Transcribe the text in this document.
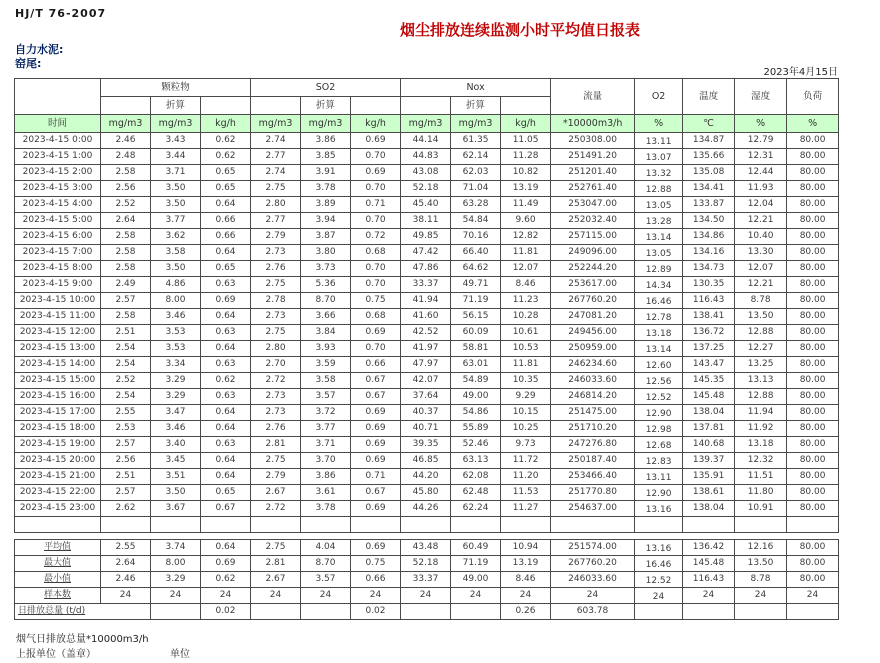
HJ/T 76-2007
烟尘排放连续监测小时平均值日报表
自力水泥:
窑尾:
2023年4月15日
	颗粒物			SO2			Nox			流量	O2	温度	湿度	负荷
		折算			折算			折算						
时间	mg/m3	mg/m3	kg/h	mg/m3	mg/m3	kg/h	mg/m3	mg/m3	kg/h	*10000m3/h	%	℃	%	%
2023-4-15 0:00	2.46	3.43	0.62	2.74	3.86	0.69	44.14	61.35	11.05	250308.00	13.11	134.87	12.79	80.00
2023-4-15 1:00	2.48	3.44	0.62	2.77	3.85	0.70	44.83	62.14	11.28	251491.20	13.07	135.66	12.31	80.00
2023-4-15 2:00	2.58	3.71	0.65	2.74	3.91	0.69	43.08	62.03	10.82	251201.40	13.32	135.08	12.44	80.00
2023-4-15 3:00	2.56	3.50	0.65	2.75	3.78	0.70	52.18	71.04	13.19	252761.40	12.88	134.41	11.93	80.00
2023-4-15 4:00	2.52	3.50	0.64	2.80	3.89	0.71	45.40	63.28	11.49	253047.00	13.05	133.87	12.04	80.00
2023-4-15 5:00	2.64	3.77	0.66	2.77	3.94	0.70	38.11	54.84	9.60	252032.40	13.28	134.50	12.21	80.00
2023-4-15 6:00	2.58	3.62	0.66	2.79	3.87	0.72	49.85	70.16	12.82	257115.00	13.14	134.86	10.40	80.00
2023-4-15 7:00	2.58	3.58	0.64	2.73	3.80	0.68	47.42	66.40	11.81	249096.00	13.05	134.16	13.30	80.00
2023-4-15 8:00	2.58	3.50	0.65	2.76	3.73	0.70	47.86	64.62	12.07	252244.20	12.89	134.73	12.07	80.00
2023-4-15 9:00	2.49	4.86	0.63	2.75	5.36	0.70	33.37	49.71	8.46	253617.00	14.34	130.35	12.21	80.00
2023-4-15 10:00	2.57	8.00	0.69	2.78	8.70	0.75	41.94	71.19	11.23	267760.20	16.46	116.43	8.78	80.00
2023-4-15 11:00	2.58	3.46	0.64	2.73	3.66	0.68	41.60	56.15	10.28	247081.20	12.78	138.41	13.50	80.00
2023-4-15 12:00	2.51	3.53	0.63	2.75	3.84	0.69	42.52	60.09	10.61	249456.00	13.18	136.72	12.88	80.00
2023-4-15 13:00	2.54	3.53	0.64	2.80	3.93	0.70	41.97	58.81	10.53	250959.00	13.14	137.25	12.27	80.00
2023-4-15 14:00	2.54	3.34	0.63	2.70	3.59	0.66	47.97	63.01	11.81	246234.60	12.60	143.47	13.25	80.00
2023-4-15 15:00	2.52	3.29	0.62	2.72	3.58	0.67	42.07	54.89	10.35	246033.60	12.56	145.35	13.13	80.00
2023-4-15 16:00	2.54	3.29	0.63	2.73	3.57	0.67	37.64	49.00	9.29	246814.20	12.52	145.48	12.88	80.00
2023-4-15 17:00	2.55	3.47	0.64	2.73	3.72	0.69	40.37	54.86	10.15	251475.00	12.90	138.04	11.94	80.00
2023-4-15 18:00	2.53	3.46	0.64	2.76	3.77	0.69	40.71	55.89	10.25	251710.20	12.98	137.81	11.92	80.00
2023-4-15 19:00	2.57	3.40	0.63	2.81	3.71	0.69	39.35	52.46	9.73	247276.80	12.68	140.68	13.18	80.00
2023-4-15 20:00	2.56	3.45	0.64	2.75	3.70	0.69	46.85	63.13	11.72	250187.40	12.83	139.37	12.32	80.00
2023-4-15 21:00	2.51	3.51	0.64	2.79	3.86	0.71	44.20	62.08	11.20	253466.40	13.11	135.91	11.51	80.00
2023-4-15 22:00	2.57	3.50	0.65	2.67	3.61	0.67	45.80	62.48	11.53	251770.80	12.90	138.61	11.80	80.00
2023-4-15 23:00	2.62	3.67	0.67	2.72	3.78	0.69	44.26	62.24	11.27	254637.00	13.16	138.04	10.91	80.00

平均值	2.55	3.74	0.64	2.75	4.04	0.69	43.48	60.49	10.94	251574.00	13.16	136.42	12.16	80.00
最大值	2.64	8.00	0.69	2.81	8.70	0.75	52.18	71.19	13.19	267760.20	16.46	145.48	13.50	80.00
最小值	2.46	3.29	0.62	2.67	3.57	0.66	33.37	49.00	8.46	246033.60	12.52	116.43	8.78	80.00
样本数	24	24	24	24	24	24	24	24	24	24	24	24	24	24
日排放总量 (t/d)			0.02			0.02			0.26	603.78				
烟气日排放总量*10000m3/h
上报单位（盖章）	单位
